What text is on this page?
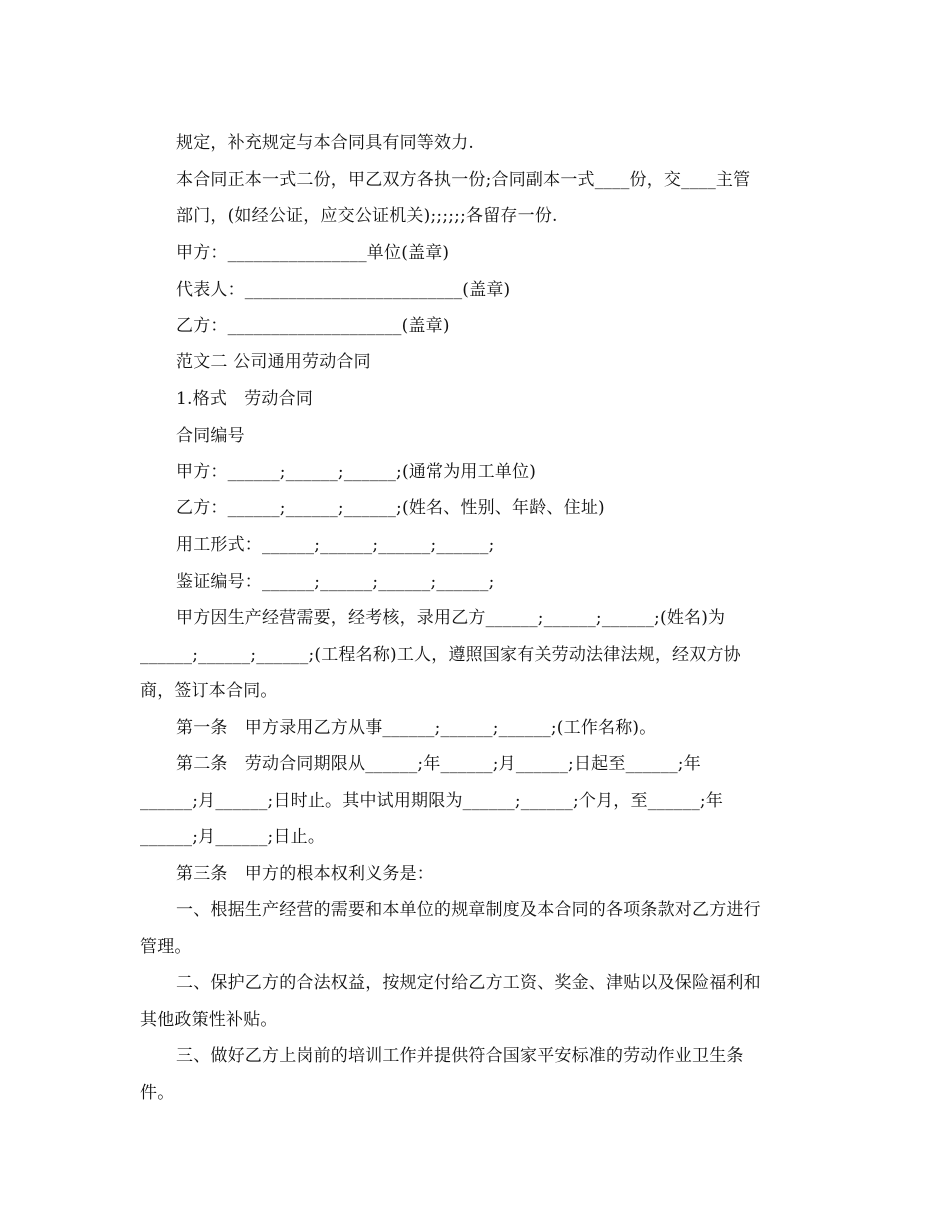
规定，补充规定与本合同具有同等效力.
本合同正本一式二份，甲乙双方各执一份;合同副本一式____份，交____主管
部门，(如经公证，应交公证机关);;;;;;各留存一份.
甲方：________________单位(盖章)
代表人：_________________________(盖章)
乙方：____________________(盖章)
范文二 公司通用劳动合同
1.格式　劳动合同
合同编号
甲方：______;______;______;(通常为用工单位)
乙方：______;______;______;(姓名、性别、年龄、住址)
用工形式：______;______;______;______;
鉴证编号：______;______;______;______;
甲方因生产经营需要，经考核，录用乙方______;______;______;(姓名)为
______;______;______;(工程名称)工人，遵照国家有关劳动法律法规，经双方协
商，签订本合同。
第一条　甲方录用乙方从事______;______;______;(工作名称)。
第二条　劳动合同期限从______;年______;月______;日起至______;年
______;月______;日时止。其中试用期限为______;______;个月，至______;年
______;月______;日止。
第三条　甲方的根本权利义务是：
一、根据生产经营的需要和本单位的规章制度及本合同的各项条款对乙方进行
管理。
二、保护乙方的合法权益，按规定付给乙方工资、奖金、津贴以及保险福利和
其他政策性补贴。
三、做好乙方上岗前的培训工作并提供符合国家平安标准的劳动作业卫生条
件。
